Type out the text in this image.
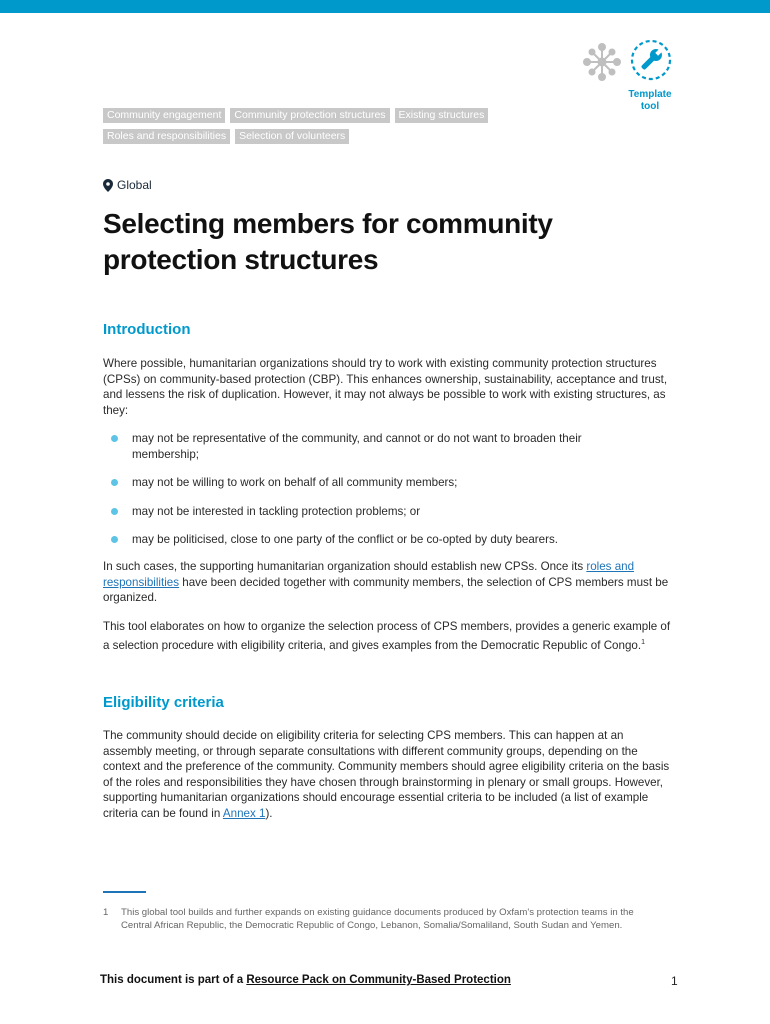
Template
tool
Community engagement	Community protection structures	Existing structures
Roles and responsibilities	Selection of volunteers
Global
Selecting members for community protection structures
Introduction

Where possible, humanitarian organizations should try to work with existing community protection structures (CPSs) on community-based protection (CBP). This enhances ownership, sustainability, acceptance and trust, and lessens the risk of duplication. However, it may not always be possible to work with existing structures, as they:

may not be representative of the community, and cannot or do not want to broaden their membership;
may not be willing to work on behalf of all community members;
may not be interested in tackling protection problems; or
may be politicised, close to one party of the conflict or be co-opted by duty bearers.

In such cases, the supporting humanitarian organization should establish new CPSs. Once its roles and responsibilities have been decided together with community members, the selection of CPS members must be organized.

This tool elaborates on how to organize the selection process of CPS members, provides a generic example of a selection procedure with eligibility criteria, and gives examples from the Democratic Republic of Congo.$^1$

Eligibility criteria

The community should decide on eligibility criteria for selecting CPS members. This can happen at an assembly meeting, or through separate consultations with different community groups, depending on the context and the preference of the community. Community members should agree eligibility criteria on the basis of the roles and responsibilities they have chosen through brainstorming in plenary or small groups. However, supporting humanitarian organizations should encourage essential criteria to be included (a list of example criteria can be found in Annex 1).

1	This global tool builds and further expands on existing guidance documents produced by Oxfam's protection teams in the Central African Republic, the Democratic Republic of Congo, Lebanon, Somalia/Somaliland, South Sudan and Yemen.
This document is part of a Resource Pack on Community-Based Protection	1
